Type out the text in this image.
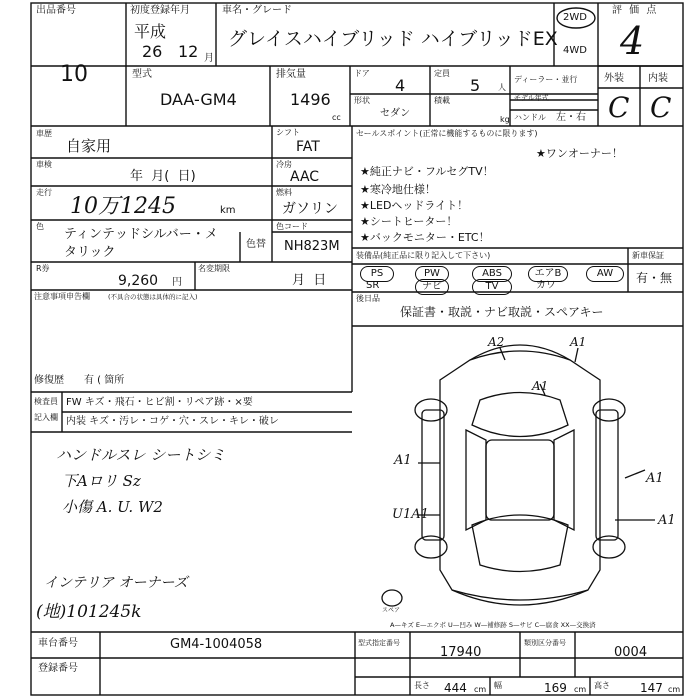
出品番号
10
初度登録年月
平成
26 12 月
車名・グレード
グレイスハイブリッド ハイブリッドEX
2WD
4WD
評 価 点
4
外装 内装
C C
型式
DAA-GM4
排気量
1496
cc
ドア
4
定員
5 人
形状
セダン
積載
kg
ディーラー・並行
モデル年式
ハンドル 左・右
車歴
自家用
車検
年  月(  日)
走行
10万1245	km
色
ティンテッドシルバー・メ
タリック
色替
R券
9,260 円
名変期限
月  日
シフト
FAT
冷房
AAC
燃料
ガソリン
色コード
NH823M
セールスポイント(正常に機能するものに限ります)
★ワンオーナー！
★純正ナビ・フルセグTV！
★寒冷地仕様！
★LEDヘッドライト！
★シートヒーター！
★バックモニター・ETC！
装備品(純正品に限り記入して下さい)
PS	PW	ABS	エアB	AW
SR	ナビ	TV	カワ
新車保証
有・無
後日品
保証書・取説・ナビ取説・スペアキー
注意事項申告欄	(不具合の状態は具体的に記入)
修復歴 有 ( 箇所
検査員
記入欄
FW キズ・飛石・ヒビ割・リペア跡・×要
内装 キズ・汚レ・コゲ・穴・スレ・キレ・破レ
ハンドルスレ シートシミ
下Aロリ Sz
小傷 A. U. W2
インテリア オーナーズ
(地)101245k
A2	A1
A1
A1
U1A1
A1
A1
スペア
A—キズ E—エクボ U—凹み W—補修跡 S—サビ C—腐食 XX—交換済
車台番号	GM4-1004058
登録番号
型式指定番号
17940
類別区分番号
0004
長さ 444 cm 幅	169 cm 高さ	147 cm
